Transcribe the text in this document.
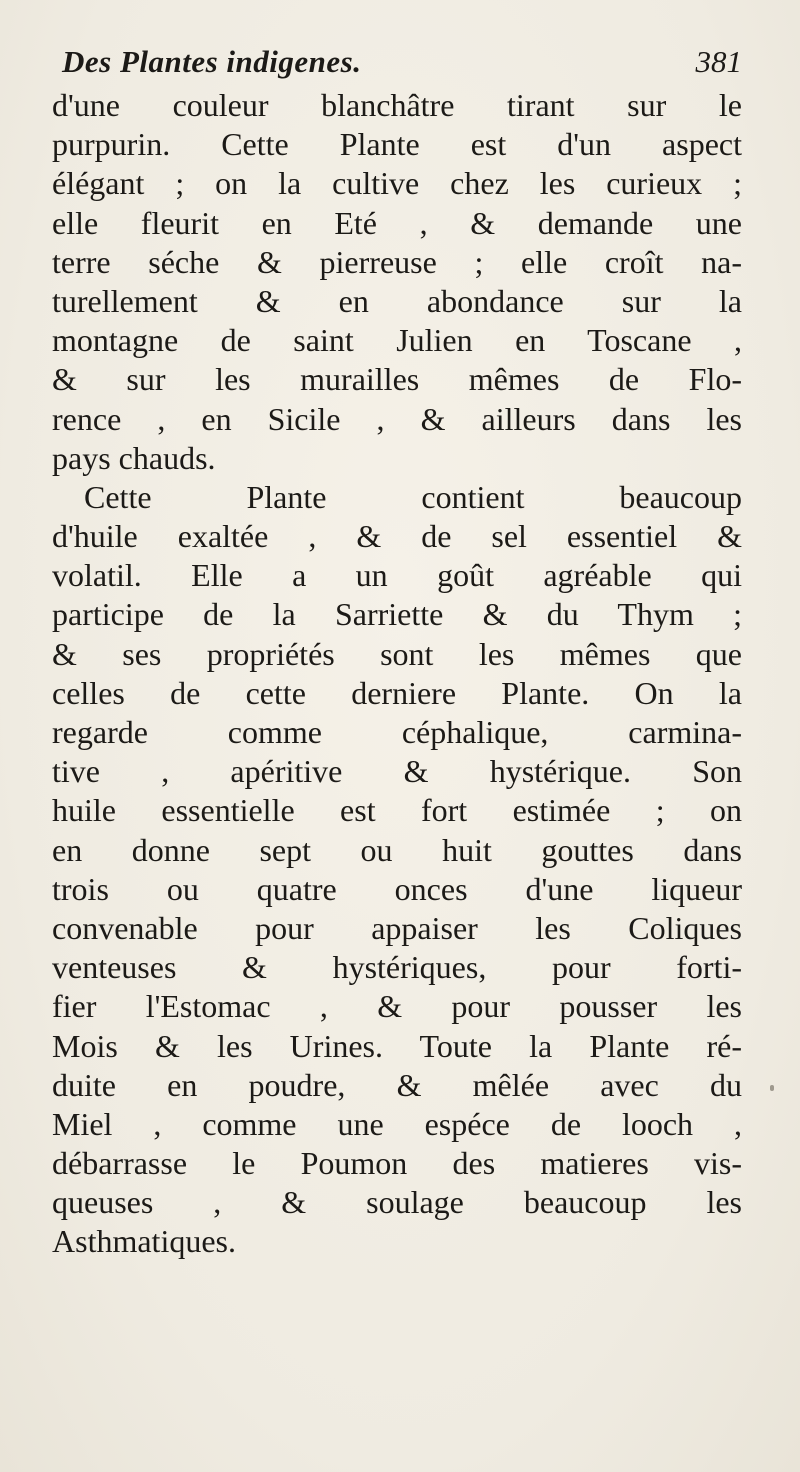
Des Plantes indigenes.	381
d'une couleur blanchâtre tirant sur le
purpurin. Cette Plante est d'un aspect
élégant ; on la cultive chez les curieux ;
elle fleurit en Eté , & demande une
terre séche & pierreuse ; elle croît na-
turellement & en abondance sur la
montagne de saint Julien en Toscane ,
& sur les murailles mêmes de Flo-
rence , en Sicile , & ailleurs dans les
pays chauds.
Cette Plante contient beaucoup
d'huile exaltée , & de sel essentiel &
volatil. Elle a un goût agréable qui
participe de la Sarriette & du Thym ;
& ses propriétés sont les mêmes que
celles de cette derniere Plante. On la
regarde comme céphalique, carmina-
tive , apéritive & hystérique. Son
huile essentielle est fort estimée ; on
en donne sept ou huit gouttes dans
trois ou quatre onces d'une liqueur
convenable pour appaiser les Coliques
venteuses & hystériques, pour forti-
fier l'Estomac , & pour pousser les
Mois & les Urines. Toute la Plante ré-
duite en poudre, & mêlée avec du
Miel , comme une espéce de looch ,
débarrasse le Poumon des matieres vis-
queuses , & soulage beaucoup les
Asthmatiques.
